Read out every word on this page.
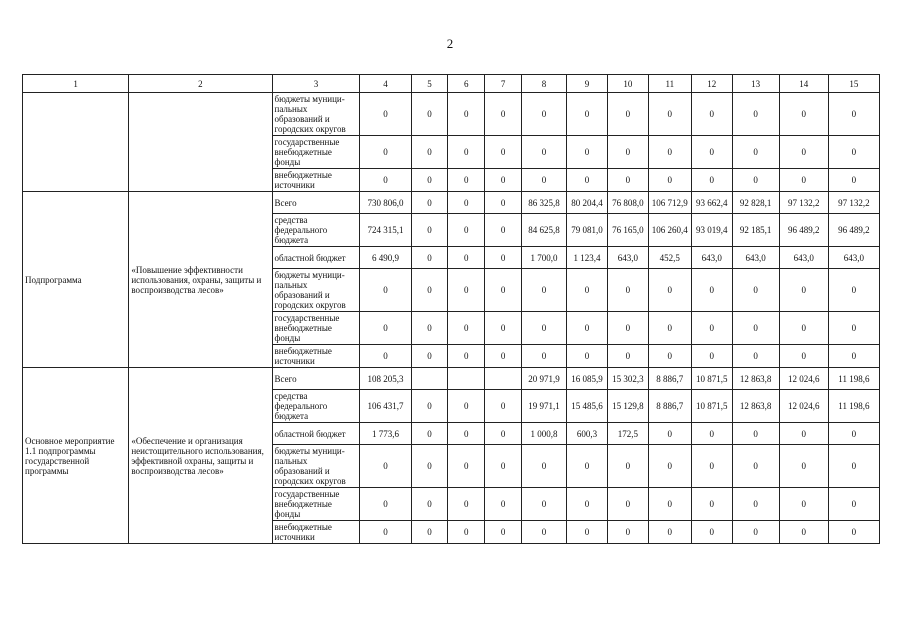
2
1	2	3	4	5	6	7	8	9	10	11	12	13	14	15
		бюджеты муници-пальных образований и городских округов	0	0	0	0	0	0	0	0	0	0	0	0
		государственные внебюджетные фонды	0	0	0	0	0	0	0	0	0	0	0	0
		внебюджетные источники	0	0	0	0	0	0	0	0	0	0	0	0
Подпрограмма	«Повышение эффективности использования, охраны, защиты и воспроизводства лесов»	Всего	730 806,0	0	0	0	86 325,8	80 204,4	76 808,0	106 712,9	93 662,4	92 828,1	97 132,2	97 132,2
		средства федерального бюджета	724 315,1	0	0	0	84 625,8	79 081,0	76 165,0	106 260,4	93 019,4	92 185,1	96 489,2	96 489,2
		областной бюджет	6 490,9	0	0	0	1 700,0	1 123,4	643,0	452,5	643,0	643,0	643,0	643,0
		бюджеты муници-пальных образований и городских округов	0	0	0	0	0	0	0	0	0	0	0	0
		государственные внебюджетные фонды	0	0	0	0	0	0	0	0	0	0	0	0
		внебюджетные источники	0	0	0	0	0	0	0	0	0	0	0	0
Основное мероприятие 1.1 подпрограммы государственной программы	«Обеспечение и организация неистощительного использования, эффективной охраны, защиты и воспроизводства лесов»	Всего	108 205,3				20 971,9	16 085,9	15 302,3	8 886,7	10 871,5	12 863,8	12 024,6	11 198,6
		средства федерального бюджета	106 431,7	0	0	0	19 971,1	15 485,6	15 129,8	8 886,7	10 871,5	12 863,8	12 024,6	11 198,6
		областной бюджет	1 773,6	0	0	0	1 000,8	600,3	172,5	0	0	0	0	0
		бюджеты муници-пальных образований и городских округов	0	0	0	0	0	0	0	0	0	0	0	0
		государственные внебюджетные фонды	0	0	0	0	0	0	0	0	0	0	0	0
		внебюджетные источники	0	0	0	0	0	0	0	0	0	0	0	0
